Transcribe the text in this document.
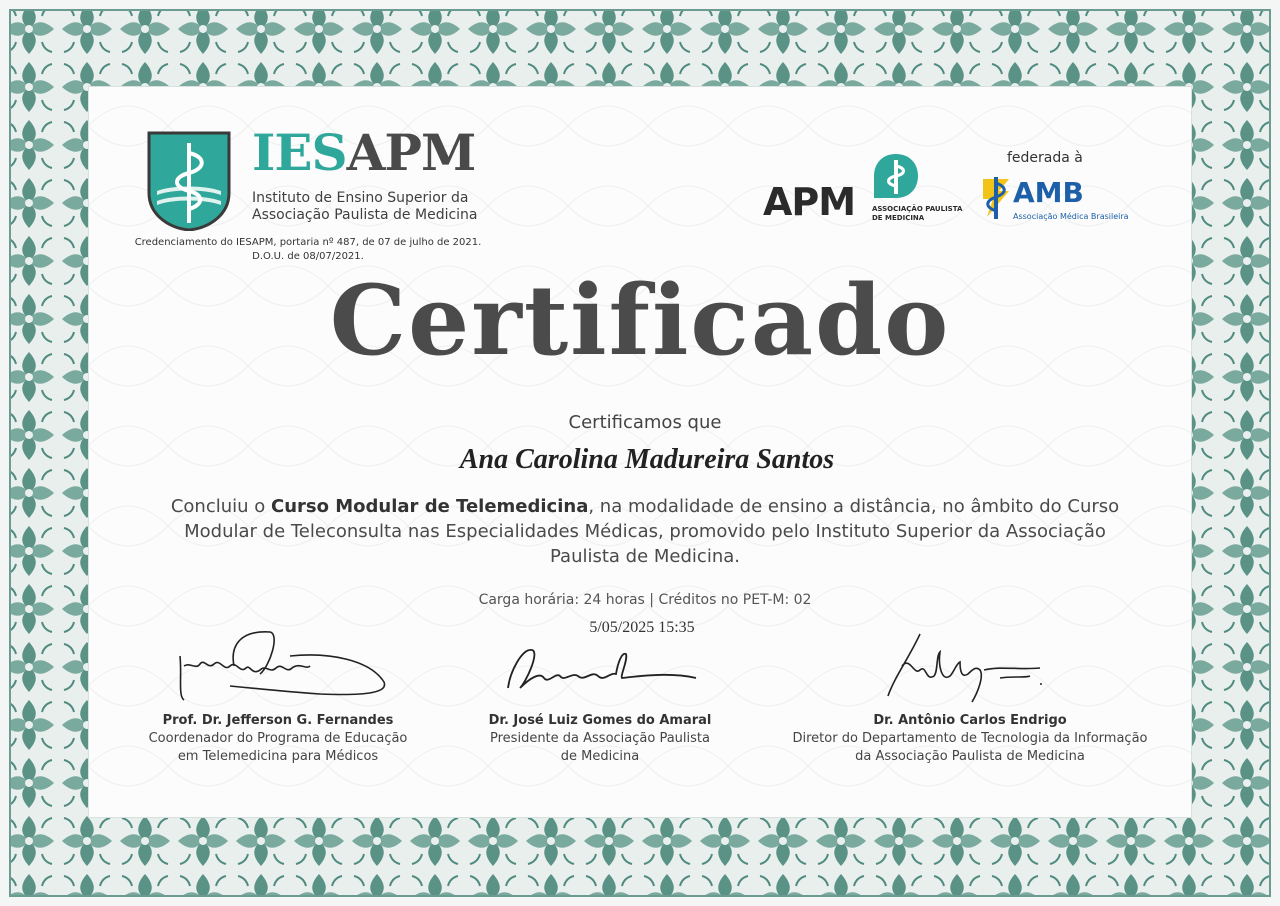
IESAPM
Instituto de Ensino Superior da
Associação Paulista de Medicina
Credenciamento do IESAPM, portaria nº 487, de 07 de julho de 2021.
D.O.U. de 08/07/2021.
APM ASSOCIAÇÃO PAULISTA
DE MEDICINA
federada à
AMB
Associação Médica Brasileira
Certificado
Certificamos que
Ana Carolina Madureira Santos
Concluiu o Curso Modular de Telemedicina, na modalidade de ensino a distância, no âmbito do Curso Modular de Teleconsulta nas Especialidades Médicas, promovido pelo Instituto Superior da Associação Paulista de Medicina.
Carga horária: 24 horas | Créditos no PET-M: 02
5/05/2025 15:35
Prof. Dr. Jefferson G. Fernandes
Coordenador do Programa de Educação
em Telemedicina para Médicos
Dr. José Luiz Gomes do Amaral
Presidente da Associação Paulista
de Medicina
Dr. Antônio Carlos Endrigo
Diretor do Departamento de Tecnologia da Informação
da Associação Paulista de Medicina
